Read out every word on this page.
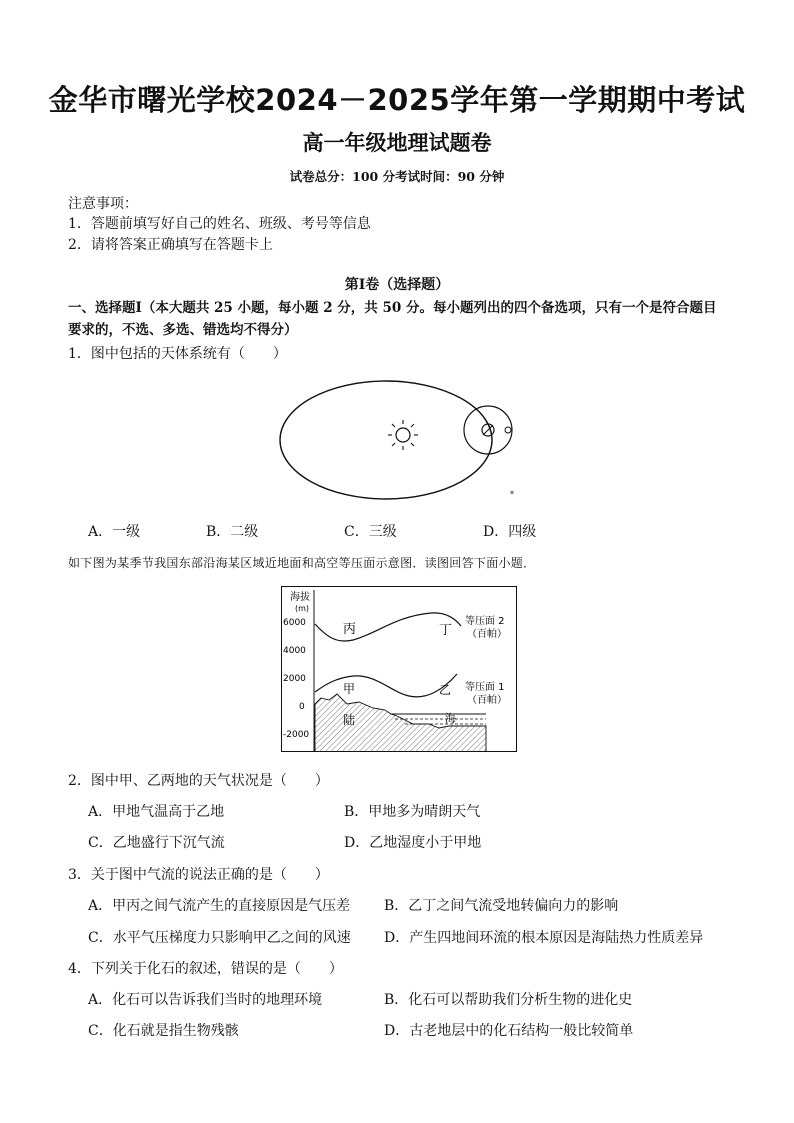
金华市曙光学校2024－2025学年第一学期期中考试
高一年级地理试题卷
试卷总分：100 分考试时间：90 分钟
注意事项：
1．答题前填写好自己的姓名、班级、考号等信息
2．请将答案正确填写在答题卡上
第Ⅰ卷（选择题）
一、选择题Ⅰ（本大题共 25 小题，每小题 2 分，共 50 分。每小题列出的四个备选项，只有一个是符合题目
要求的，不选、多选、错选均不得分）
1．图中包括的天体系统有（　　）
*
A．一级	B．二级	C．三级	D．四级
如下图为某季节我国东部沿海某区域近地面和高空等压面示意图．读图回答下面小题．
海拔
(m)
6000
4000
2000
0
-2000
丙	丁
甲	乙
陆	海
等压面 2
（百帕）
等压面 1
（百帕）
2．图中甲、乙两地的天气状况是（　　）
A．甲地气温高于乙地	B．甲地多为晴朗天气
C．乙地盛行下沉气流	D．乙地湿度小于甲地
3．关于图中气流的说法正确的是（　　）
A．甲丙之间气流产生的直接原因是气压差 B．乙丁之间气流受地转偏向力的影响
C．水平气压梯度力只影响甲乙之间的风速 D．产生四地间环流的根本原因是海陆热力性质差异
4．下列关于化石的叙述，错误的是（　　）
A．化石可以告诉我们当时的地理环境	B．化石可以帮助我们分析生物的进化史
C．化石就是指生物残骸	D．古老地层中的化石结构一般比较简单
